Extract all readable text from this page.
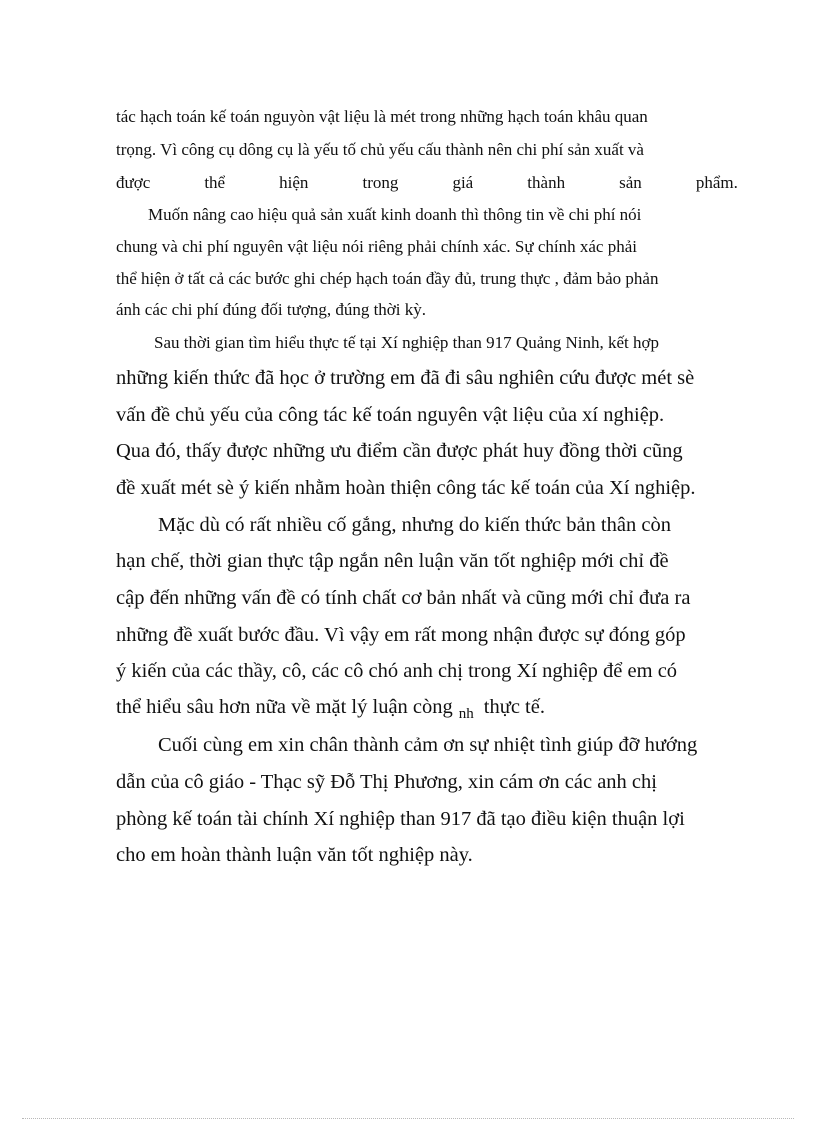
tác hạch toán kế toán nguyòn vật liệu là mét trong những hạch toán khâu quan
trọng. Vì công cụ dông cụ là yếu tố chủ yếu cấu thành nên chi phí sản xuất và
được	thể	hiện	trong	giá	thành	sản	phẩm.
Muốn nâng cao hiệu quả sản xuất kinh doanh thì thông tin về chi phí nói
chung và chi phí nguyên vật liệu nói riêng phải chính xác. Sự chính xác phải
thể hiện ở tất cả các bước ghi chép hạch toán đầy đủ, trung thực , đảm bảo phản
ánh các chi phí đúng đối tượng, đúng thời kỳ.
Sau thời gian tìm hiểu thực tế tại Xí nghiệp than 917 Quảng Ninh, kết hợp
những kiến thức đã học ở trường em đã đi sâu nghiên cứu được mét sè
vấn đề chủ yếu của công tác kế toán nguyên vật liệu của xí nghiệp.
Qua đó, thấy được những ưu điểm cần được phát huy đồng thời cũng
đề xuất mét sè ý kiến nhằm hoàn thiện công tác kế toán của Xí nghiệp.
Mặc dù có rất nhiều cố gắng, nhưng do kiến thức bản thân còn
hạn chế, thời gian thực tập ngắn nên luận văn tốt nghiệp mới chỉ đề
cập đến những vấn đề có tính chất cơ bản nhất và cũng mới chỉ đưa ra
những đề xuất bước đầu. Vì vậy em rất mong nhận được sự đóng góp
ý kiến của các thầy, cô, các cô chó anh chị trong Xí nghiệp để em có
thể hiểu sâu hơn nữa về mặt lý luận còng $_{nh}$ thực tế.
Cuối cùng em xin chân thành cảm ơn sự nhiệt tình giúp đỡ hướng
dẫn của cô giáo - Thạc sỹ Đỗ Thị Phương, xin cám ơn các anh chị
phòng kế toán tài chính Xí nghiệp than 917 đã tạo điều kiện thuận lợi
cho em hoàn thành luận văn tốt nghiệp này.
